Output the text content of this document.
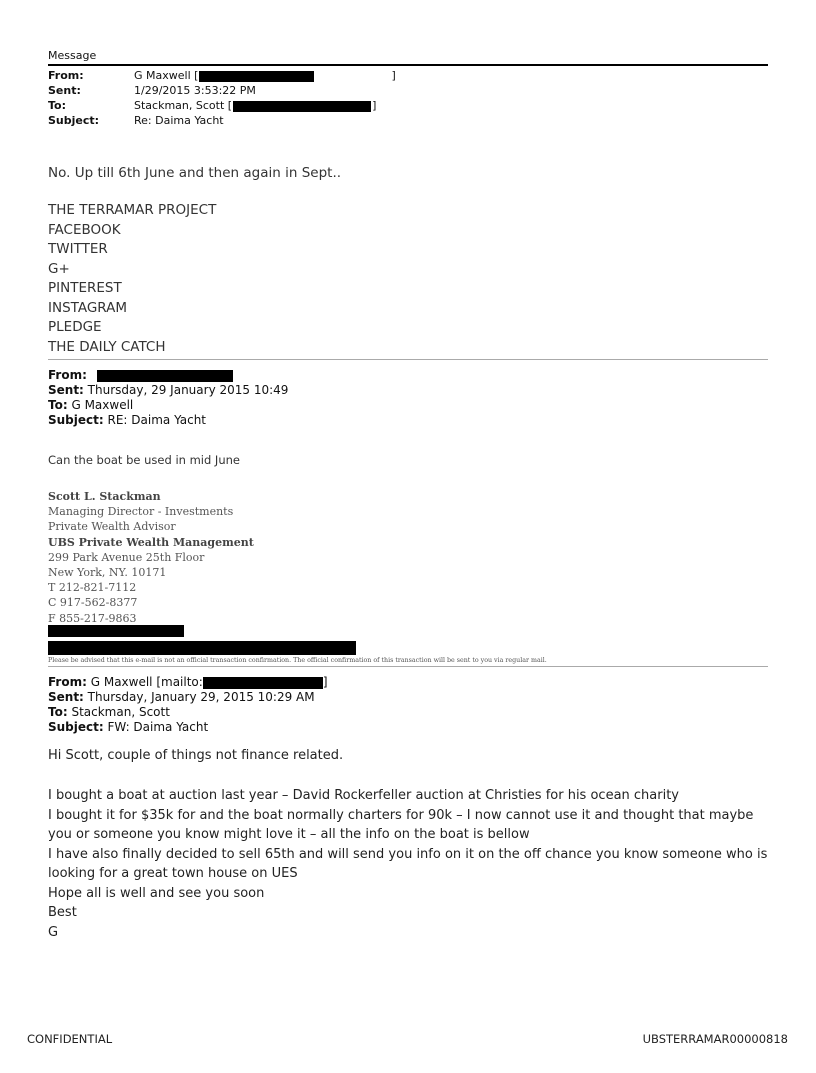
Message
From:	G Maxwell [	]
Sent:	1/29/2015 3:53:22 PM
To:	Stackman, Scott [	]
Subject:	Re: Daima Yacht
No. Up till 6th June and then again in Sept..
THE TERRAMAR PROJECT
FACEBOOK
TWITTER
G+
PINTEREST
INSTAGRAM
PLEDGE
THE DAILY CATCH
From:
Sent: Thursday, 29 January 2015 10:49
To: G Maxwell
Subject: RE: Daima Yacht
Can the boat be used in mid June
Scott L. Stackman
Managing Director - Investments
Private Wealth Advisor
UBS Private Wealth Management
299 Park Avenue 25th Floor
New York, NY. 10171
T 212-821-7112
C 917-562-8377
F 855-217-9863
Please be advised that this e-mail is not an official transaction confirmation. The official confirmation of this transaction will be sent to you via regular mail.
From: G Maxwell [mailto:	]
Sent: Thursday, January 29, 2015 10:29 AM
To: Stackman, Scott
Subject: FW: Daima Yacht
Hi Scott, couple of things not finance related.

I bought a boat at auction last year – David Rockerfeller auction at Christies for his ocean charity

I bought it for $35k for and the boat normally charters for 90k – I now cannot use it and thought that maybe you or someone you know might love it – all the info on the boat is bellow

I have also finally decided to sell 65th and will send you info on it on the off chance you know someone who is looking for a great town house on UES

Hope all is well and see you soon

Best

G

CONFIDENTIAL	UBSTERRAMAR00000818
